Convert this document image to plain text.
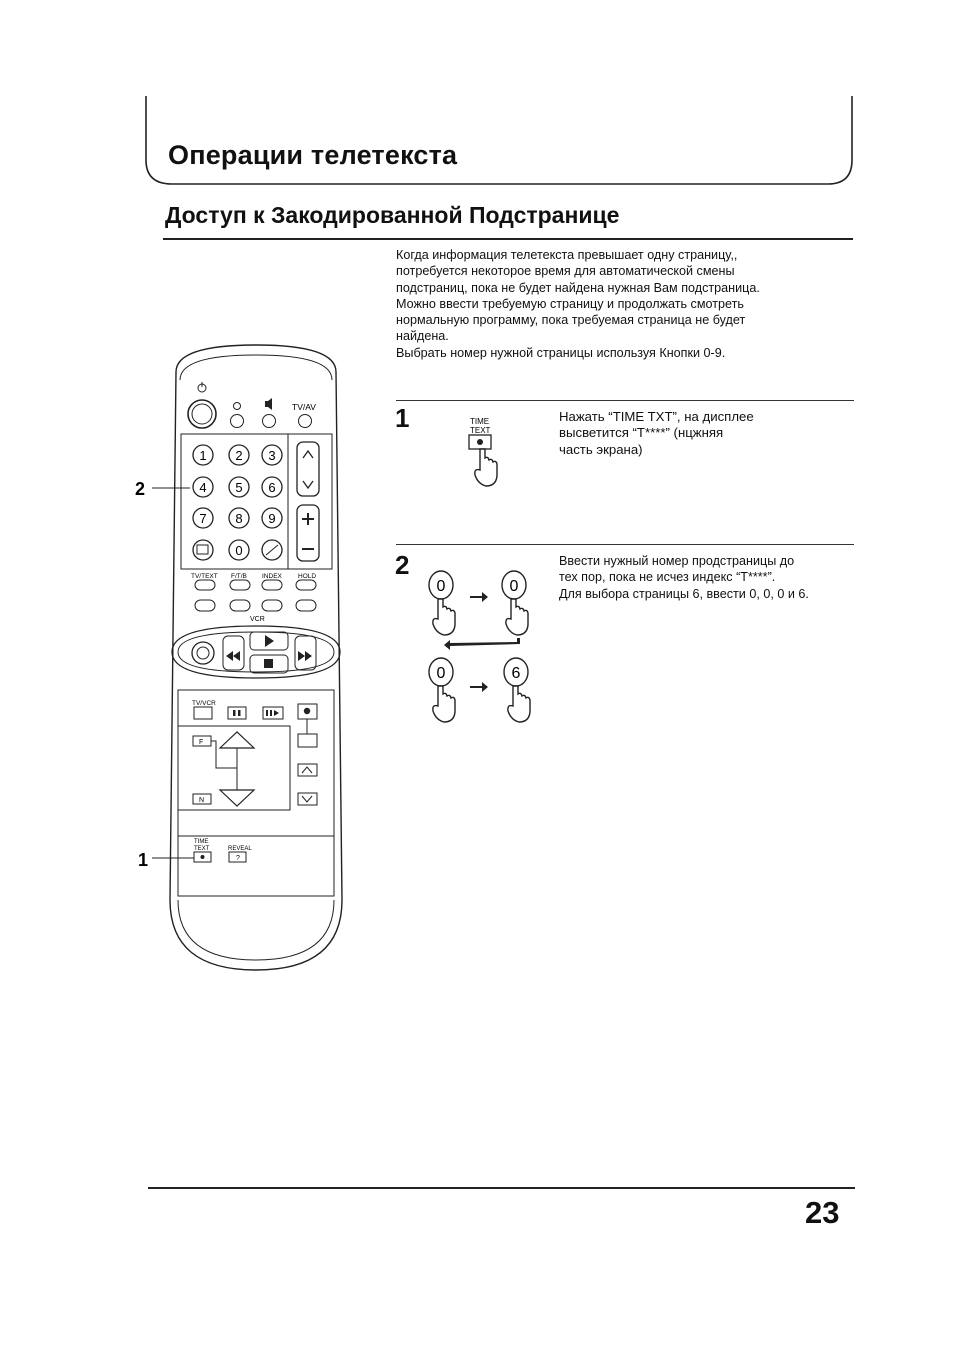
Операции телетекста
Доступ к Закодированной Подстранице

Когда информация телетекста превышает одну страницу,,

потребуется некоторое время для автоматической смены

подстраниц, пока не будет найдена нужная Вам подстраница.

Можно ввести требуемую страницу и продолжать смотреть

нормальную программу, пока требуемая страница не будет

найдена.

Выбрать номер нужной страницы используя Кнопки 0-9.

TV/AV
1 2 3
4 5 6
7 8 9
0
TV/TEXT F/T/B INDEX HOLD
VCR
TV/VCR
F
N
TIME
TEXT	REVEAL
?
2
1
1	TIME
TEXT
Нажать “TIME TXT”, на дисплее
высветится “Т****” (нцжняя
часть экрана)
2
0	0
0	6
Ввести нужный номер продстраницы до
тех пор, пока не исчез индекс “Т****”.
Для выбора страницы 6, ввести 0, 0, 0 и 6.
23
